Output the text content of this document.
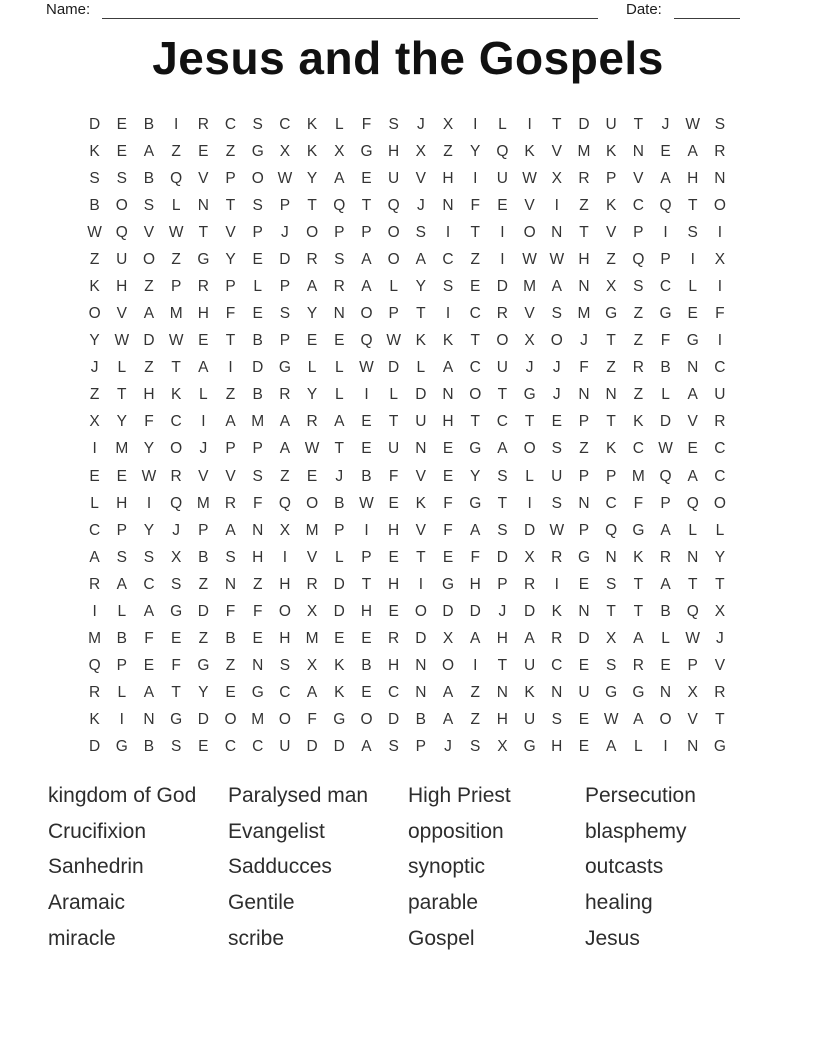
Name:	Date:
Jesus and the Gospels
D	E	B	I	R	C	S	C	K	L	F	S	J	X	I	L	I	T	D	U	T	J	W S
K	E	A	Z	E	Z	G	X	K	X	G	H	X	Z	Y	Q	K	V	M	K	N	E	A	R
S	S	B	Q	V	P	O W Y	A	E	U	V	H	I	U W X	R	P	V	A	H	N
B	O	S	L	N	T	S	P	T	Q	T	Q	J	N	F	E	V	I	Z	K	C	Q	T	O
W Q	V W T	V	P	J	O	P	P	O	S	I	T	I	O	N	T	V	P	I	S	I
Z	U	O	Z	G	Y	E	D	R	S	A	O	A	C	Z	I	W W H	Z	Q	P	I	X
K	H	Z	P	R	P	L	P	A	R	A	L	Y	S	E	D M	A	N	X	S	C	L	I
O	V	A	M H	F	E	S	Y	N	O	P	T	I	C	R	V	S	M G	Z	G	E	F
Y W D W E	T	B	P	E	E	Q W K	K	T	O	X	O	J	T	Z	F	G	I
J	L	Z	T	A	I	D	G	L	L	W D	L	A	C	U	J	J	F	Z	R	B	N	C
Z	T	H	K	L	Z	B	R	Y	L	I	L	D	N	O	T	G	J	N	N	Z	L	A	U
X	Y	F	C	I	A	M	A	R	A	E	T	U	H	T	C	T	E	P	T	K	D	V	R
I	M	Y	O	J	P	P	A W T	E	U	N	E	G	A	O	S	Z	K	C W E	C
E	E W R	V	V	S	Z	E	J	B	F	V	E	Y	S	L	U	P	P	M Q	A	C
L	H	I	Q M R	F	Q O	B W E	K	F	G	T	I	S	N	C	F	P	Q O
C	P	Y	J	P	A	N	X	M	P	I	H	V	F	A	S	D W P	Q G	A	L	L
A	S	S	X	B	S	H	I	V	L	P	E	T	E	F	D	X	R	G	N	K	R	N	Y
R	A	C	S	Z	N	Z	H	R	D	T	H	I	G	H	P	R	I	E	S	T	A	T	T
I	L	A	G	D	F	F	O	X	D	H	E	O	D	D	J	D	K	N	T	T	B	Q	X
M	B	F	E	Z	B	E	H M	E	E	R	D	X	A	H	A	R	D	X	A	L	W	J
Q	P	E	F	G	Z	N	S	X	K	B	H	N	O	I	T	U	C	E	S	R	E	P	V
R	L	A	T	Y	E	G	C	A	K	E	C	N	A	Z	N	K	N	U	G G	N	X	R
K	I	N	G	D	O M O	F	G O	D	B	A	Z	H	U	S	E W A	O	V	T
D	G	B	S	E	C	C	U	D	D	A	S	P	J	S	X	G	H	E	A	L	I	N	G
kingdom of God
Crucifixion
Sanhedrin
Aramaic
miracle
Paralysed man
Evangelist
Sadducces
Gentile
scribe
High Priest
opposition
synoptic
parable
Gospel
Persecution
blasphemy
outcasts
healing
Jesus
